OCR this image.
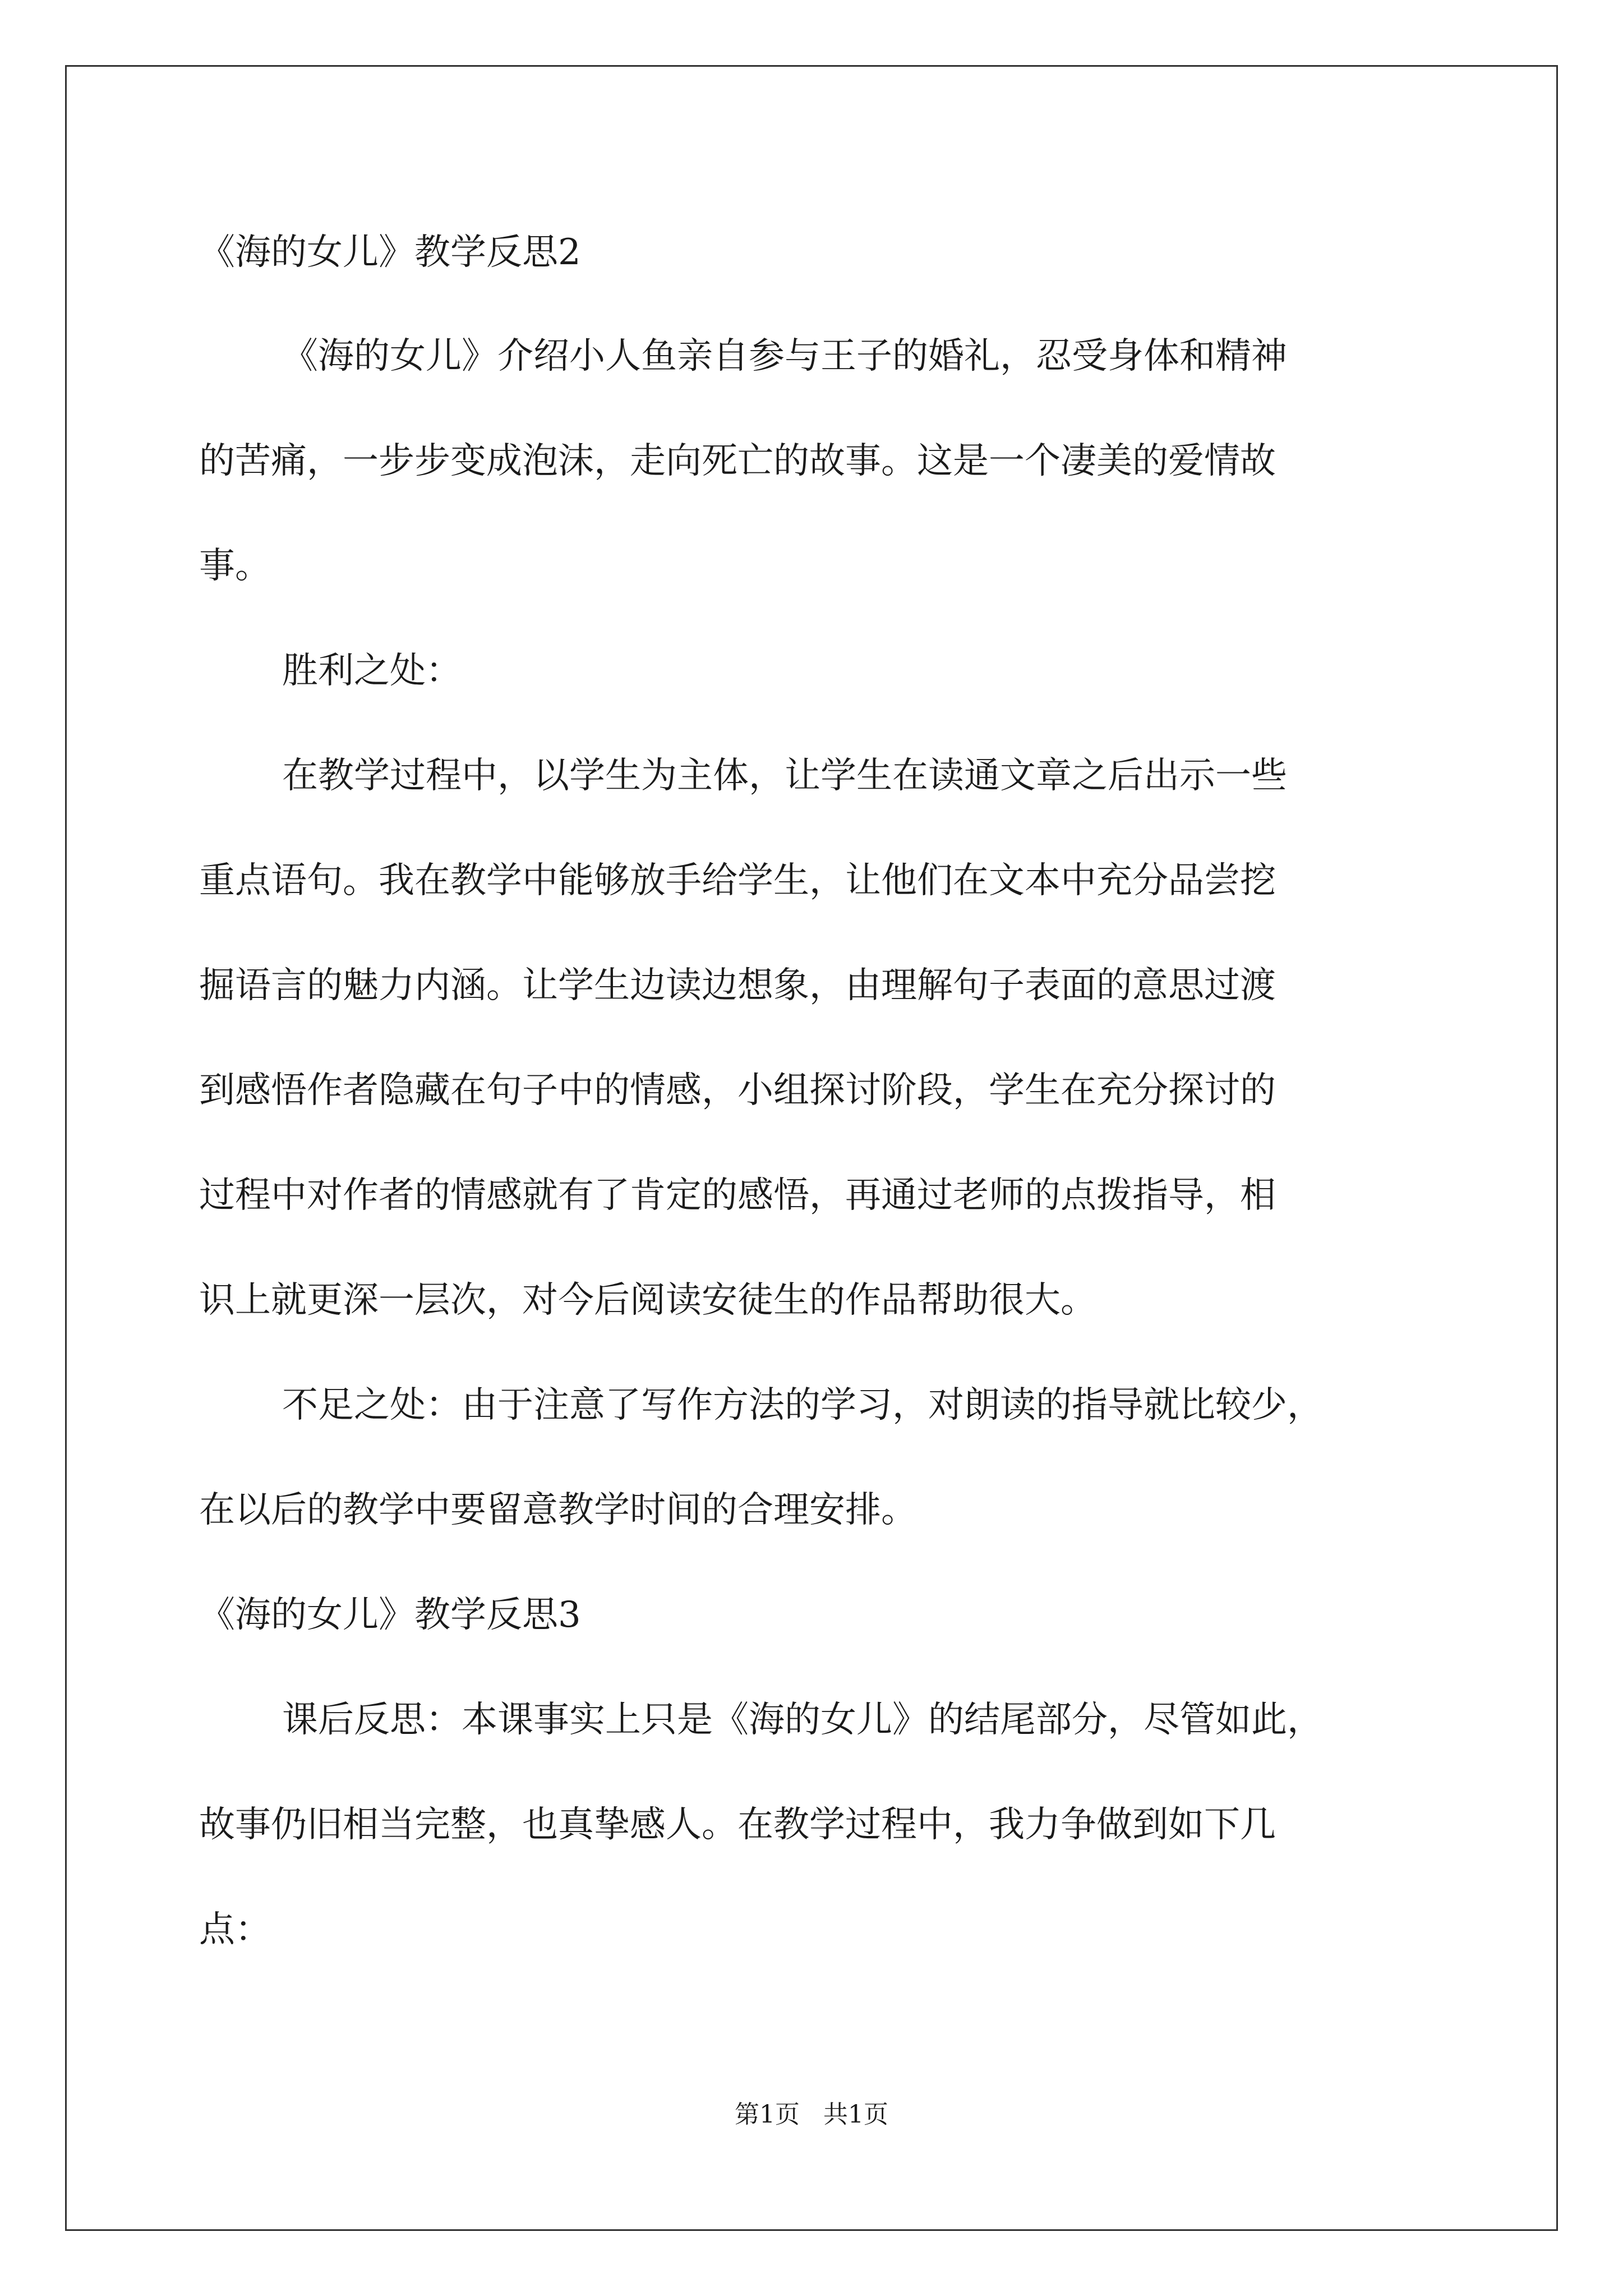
《海的女儿》教学反思2
《海的女儿》介绍小人鱼亲自参与王子的婚礼，忍受身体和精神
的苦痛，一步步变成泡沫，走向死亡的故事。这是一个凄美的爱情故
事。
胜利之处：
在教学过程中，以学生为主体，让学生在读通文章之后出示一些
重点语句。我在教学中能够放手给学生，让他们在文本中充分品尝挖
掘语言的魅力内涵。让学生边读边想象，由理解句子表面的意思过渡
到感悟作者隐藏在句子中的情感，小组探讨阶段，学生在充分探讨的
过程中对作者的情感就有了肯定的感悟，再通过老师的点拨指导，相
识上就更深一层次，对今后阅读安徒生的作品帮助很大。
不足之处：由于注意了写作方法的学习，对朗读的指导就比较少，
在以后的教学中要留意教学时间的合理安排。
《海的女儿》教学反思3
课后反思：本课事实上只是《海的女儿》的结尾部分，尽管如此，
故事仍旧相当完整，也真挚感人。在教学过程中，我力争做到如下几
点：
第1页   共1页
